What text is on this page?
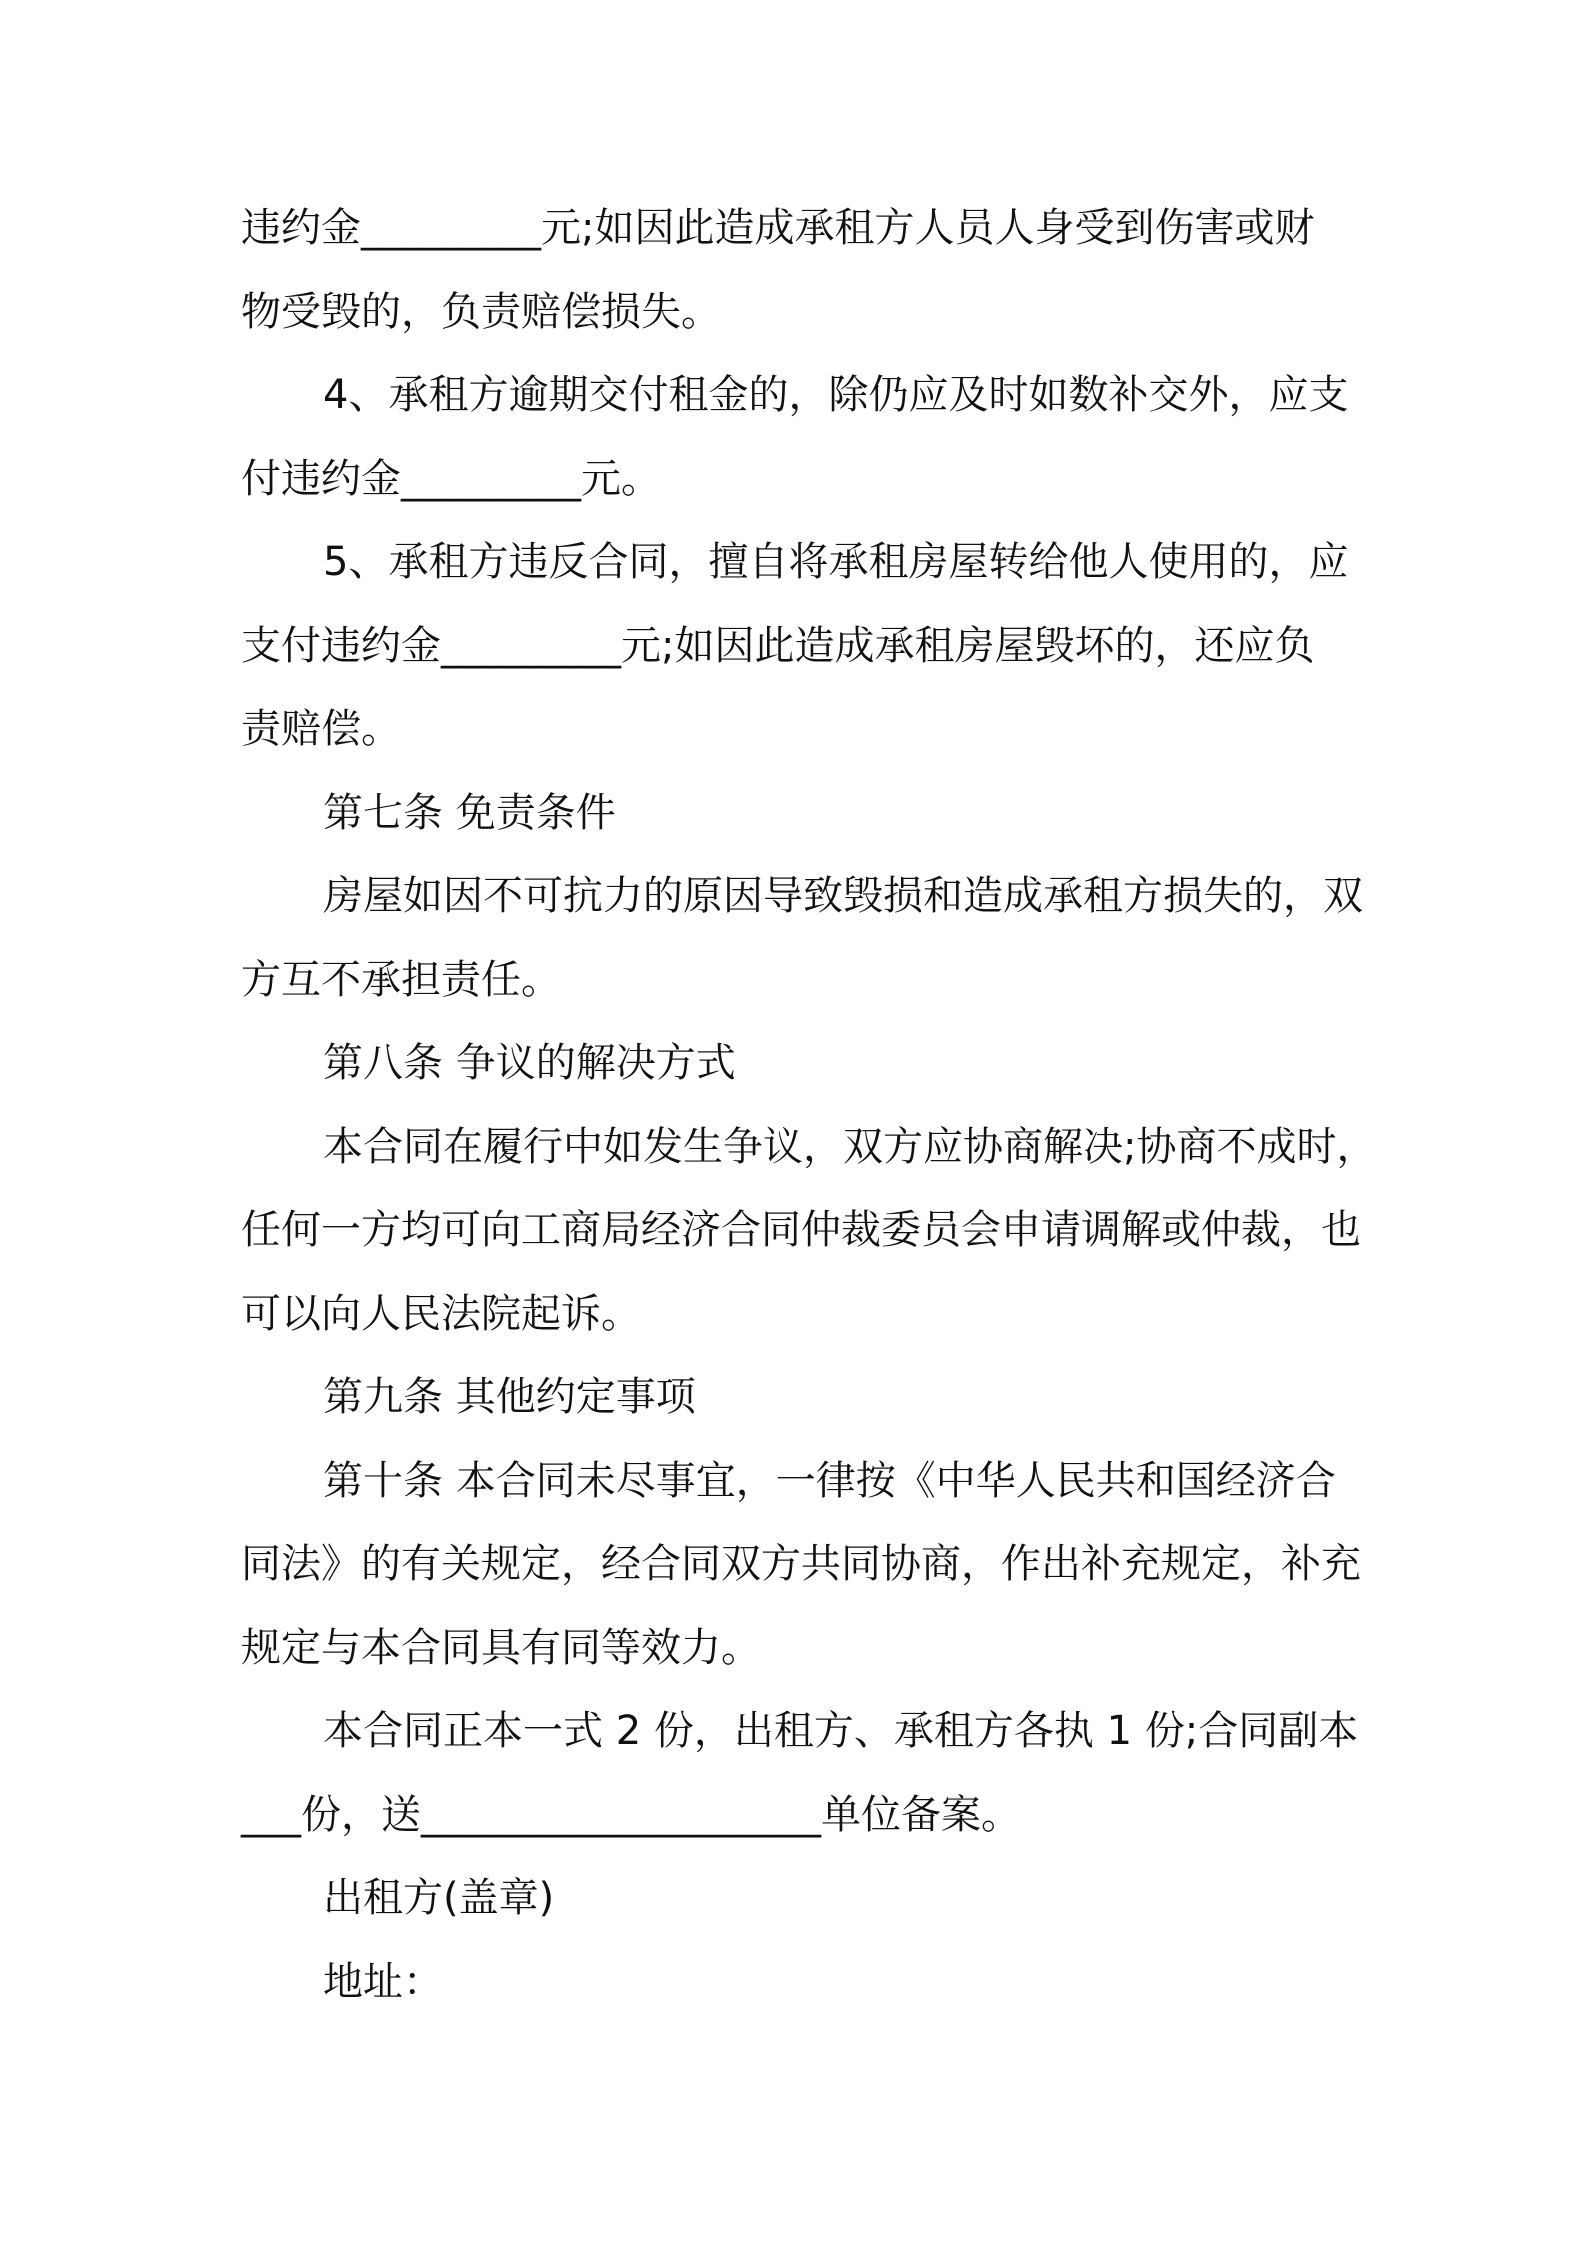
违约金_________元;如因此造成承租方人员人身受到伤害或财
物受毁的，负责赔偿损失。
4、承租方逾期交付租金的，除仍应及时如数补交外，应支
付违约金_________元。
5、承租方违反合同，擅自将承租房屋转给他人使用的，应
支付违约金_________元;如因此造成承租房屋毁坏的，还应负
责赔偿。
第七条 免责条件
房屋如因不可抗力的原因导致毁损和造成承租方损失的，双
方互不承担责任。
第八条 争议的解决方式
本合同在履行中如发生争议，双方应协商解决;协商不成时，
任何一方均可向工商局经济合同仲裁委员会申请调解或仲裁，也
可以向人民法院起诉。
第九条 其他约定事项
第十条 本合同未尽事宜，一律按《中华人民共和国经济合
同法》的有关规定，经合同双方共同协商，作出补充规定，补充
规定与本合同具有同等效力。
本合同正本一式 2 份，出租方、承租方各执 1 份;合同副本
___份，送____________________单位备案。
出租方(盖章)
地址：
